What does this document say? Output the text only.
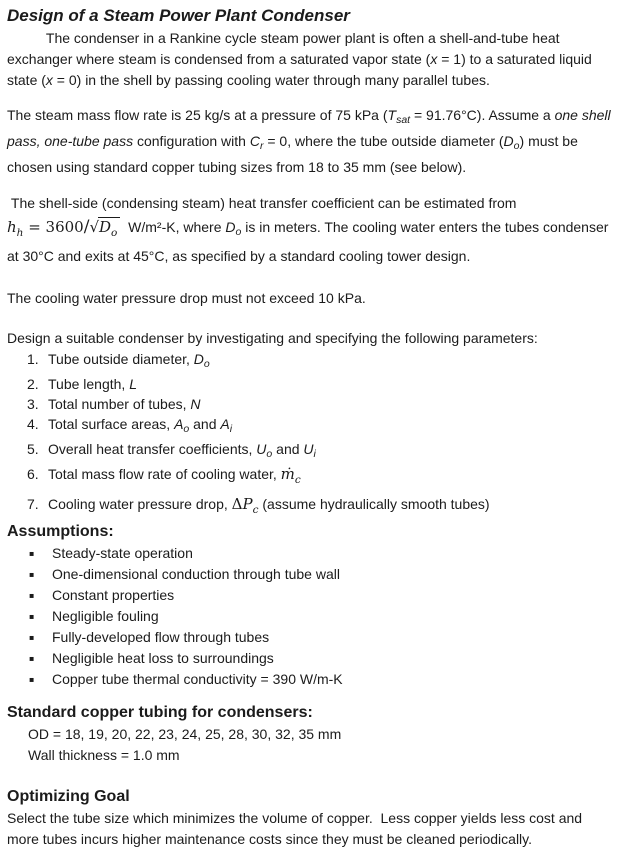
Design of a Steam Power Plant Condenser
The condenser in a Rankine cycle steam power plant is often a shell-and-tube heat
exchanger where steam is condensed from a saturated vapor state (x = 1) to a saturated liquid
state (x = 0) in the shell by passing cooling water through many parallel tubes.
The steam mass flow rate is 25 kg/s at a pressure of 75 kPa $(T_{sat} = 91.76^\circ C)$. Assume a one shell
pass, one-tube pass configuration with $C_r = 0$, where the tube outside diameter $(D_o)$ must be
chosen using standard copper tubing sizes from 18 to 35 mm (see below).
The shell-side (condensing steam) heat transfer coefficient can be estimated from
$h_h = 3600/√D_o$  W/m²-K, where $D_o$ is in meters. The cooling water enters the tubes condenser
at 30°C and exits at 45°C, as specified by a standard cooling tower design.
The cooling water pressure drop must not exceed 10 kPa.
Design a suitable condenser by investigating and specifying the following parameters:
1. Tube outside diameter, $D_o$
2. Tube length, L
3. Total number of tubes, N
4. Total surface areas, $A_o$ and $A_i$
5. Overall heat transfer coefficients, $U_o$ and $U_i$
6. Total mass flow rate of cooling water, ṁ$_c$
7. Cooling water pressure drop, $\Delta P_c$ (assume hydraulically smooth tubes)
Assumptions:
▪	Steady-state operation
▪	One-dimensional conduction through tube wall
▪	Constant properties
▪	Negligible fouling
▪	Fully-developed flow through tubes
▪	Negligible heat loss to surroundings
▪	Copper tube thermal conductivity = 390 W/m-K
Standard copper tubing for condensers:
OD = 18, 19, 20, 22, 23, 24, 25, 28, 30, 32, 35 mm
Wall thickness = 1.0 mm
Optimizing Goal
Select the tube size which minimizes the volume of copper.  Less copper yields less cost and
more tubes incurs higher maintenance costs since they must be cleaned periodically.
